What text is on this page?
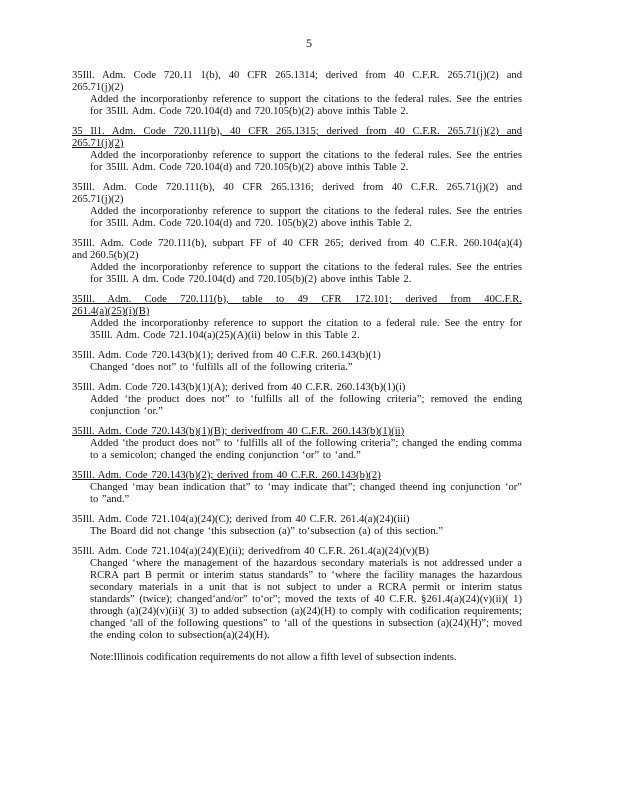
5
35Ill. Adm. Code 720.11 1(b), 40 CFR 265.1314; derived from 40 C.F.R. 265.71(j)(2) and
265.71(j)(2)
Added the incorporationby reference to support the citations to the federal rules. See the entries for 35Ill. Adm. Code 720.104(d) and 720.105(b)(2) above inthis Table 2.
35 Il1. Adm. Code 720.111(b), 40 CFR 265.1315; derived from 40 C.F.R. 265.71(j)(2) and
265.71(j)(2)
Added the incorporationby reference to support the citations to the federal rules. See the entries for 35Ill. Adm. Code 720.104(d) and 720.105(b)(2) above inthis Table 2.
35Ill. Adm. Code 720.111(b), 40 CFR 265.1316; derived from 40 C.F.R. 265.71(j)(2) and
265.71(j)(2)
Added the incorporationby reference to support the citations to the federal rules. See the entries for 35Ill. Adm. Code 720.104(d) and 720. 105(b)(2) above inthis Table 2.
35Ill. Adm. Code 720.111(b), subpart FF of 40 CFR 265; derived from 40 C.F.R. 260.104(a)(4)
and 260.5(b)(2)
Added the incorporationby reference to support the citations to the federal rules. See the entries for 35Ill. A dm. Code 720.104(d) and 720.105(b)(2) above inthis Table 2.
35Ill. Adm. Code 720.111(b), table to 49 CFR 172.101; derived from 40C.F.R.
261.4(a)(25)(i)(B)
Added the incorporationby reference to support the citation to a federal rule. See the entry for 35Ill. Adm. Code 721.104(a)(25)(A)(ii) below in this Table 2.
35Ill. Adm. Code 720.143(b)(1); derived from 40 C.F.R. 260.143(b)(1)
Changed ‘does not” to ‘fulfills all of the following criteria.”
35Ill. Adm. Code 720.143(b)(1)(A); derived from 40 C.F.R. 260.143(b)(1)(i)
Added ‘the product does not” to ‘fulfills all of the following criteria”; removed the ending conjunction ‘or.”
35Ill. Adm. Code 720.143(b)(1)(B); derivedfrom 40 C.F.R. 260.143(b)(1)(ii)
Added ‘the product does not” to ‘fulfills all of the following criteria”; changed the ending comma to a semicolon; changed the ending conjunction ‘or” to ‘and.”
35Ill. Adm. Code 720.143(b)(2); derived from 40 C.F.R. 260.143(b)(2)
Changed ‘may bean indication that” to ‘may indicate that”; changed theend ing conjunction ‘or” to ”and.”
35Ill. Adm. Code 721.104(a)(24)(C); derived from 40 C.F.R. 261.4(a)(24)(iii)
The Board did not change ‘this subsection (a)” to‘subsection (a) of this section.”
35Ill. Adm. Code 721.104(a)(24)(E)(ii); derivedfrom 40 C.F.R. 261.4(a)(24)(v)(B)
Changed ‘where the management of the hazardous secondary materials is not addressed under a RCRA part B permit or interim status standards” to ‘where the facility manages the hazardous secondary materials in a unit that is not subject to under a RCRA permit or interim status standards” (twice); changed‘and/or” to‘or”; moved the texts of 40 C.F.R. §261.4(a)(24)(v)(ii)( 1) through (a)(24)(v)(ii)( 3) to added subsection (a)(24)(H) to comply with codification requirements; changed ‘all of the following questions” to ‘all of the questions in subsection (a)(24)(H)”; moved the ending colon to subsection(a)(24)(H).
Note:Illinois codification requirements do not allow a fifth level of subsection indents.
